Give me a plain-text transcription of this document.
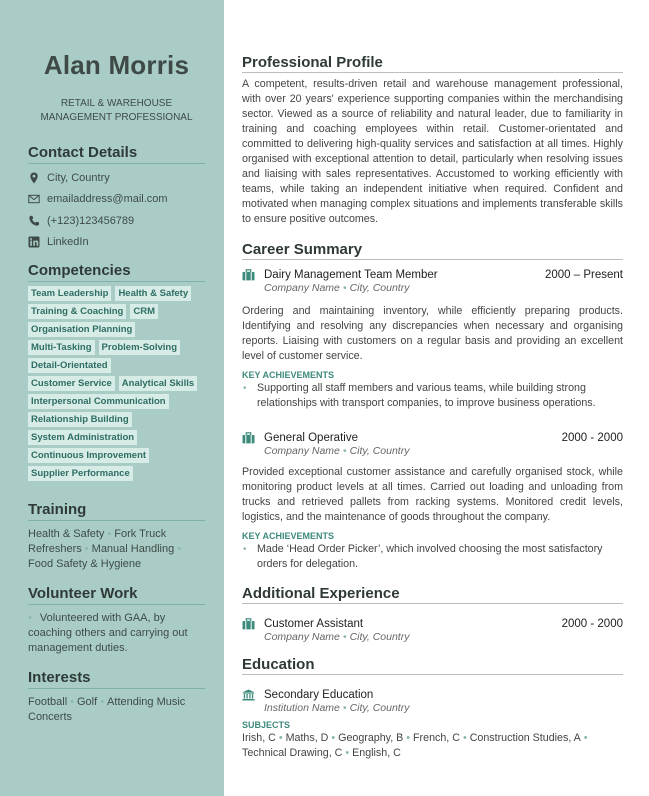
Alan Morris
RETAIL & WAREHOUSE
MANAGEMENT PROFESSIONAL
Contact Details
City, Country
emailaddress@mail.com
(+123)123456789
LinkedIn
Competencies
Team Leadership	Health & Safety
Training & Coaching	CRM
Organisation Planning
Multi-Tasking	Problem-Solving
Detail-Orientated
Customer Service	Analytical Skills
Interpersonal Communication
Relationship Building
System Administration
Continuous Improvement
Supplier Performance
Training
Health & Safety • Fork Truck
Refreshers • Manual Handling •
Food Safety & Hygiene
Volunteer Work
• Volunteered with GAA, by coaching others and carrying out management duties.
Interests
Football • Golf • Attending Music
Concerts
Professional Profile

A competent, results-driven retail and warehouse management professional, with over 20 years' experience supporting companies within the merchandising sector. Viewed as a source of reliability and natural leader, due to familiarity in training and coaching employees within retail. Customer-orientated and committed to delivering high-quality services and satisfaction at all times. Highly organised with exceptional attention to detail, particularly when resolving issues and liaising with sales representatives. Accustomed to working efficiently with teams, while taking an independent initiative when required. Confident and motivated when managing complex situations and implements transferable skills to ensure positive outcomes.

Career Summary
Dairy Management Team Member	2000 – Present
Company Name • City, Country

Ordering and maintaining inventory, while efficiently preparing products. Identifying and resolving any discrepancies when necessary and organising reports. Liaising with customers on a regular basis and providing an excellent level of customer service.

KEY ACHIEVEMENTS
• Supporting all staff members and various teams, while building strong relationships with transport companies, to improve business operations.
General Operative	2000 - 2000
Company Name • City, Country

Provided exceptional customer assistance and carefully organised stock, while monitoring product levels at all times. Carried out loading and unloading from trucks and retrieved pallets from racking systems. Monitored credit levels, logistics, and the maintenance of goods throughout the company.

KEY ACHIEVEMENTS
• Made ‘Head Order Picker’, which involved choosing the most satisfactory orders for delegation.
Additional Experience
Customer Assistant	2000 - 2000
Company Name • City, Country
Education
Secondary Education
Institution Name • City, Country
SUBJECTS

Irish, C • Maths, D • Geography, B • French, C • Construction Studies, A •
Technical Drawing, C • English, C
